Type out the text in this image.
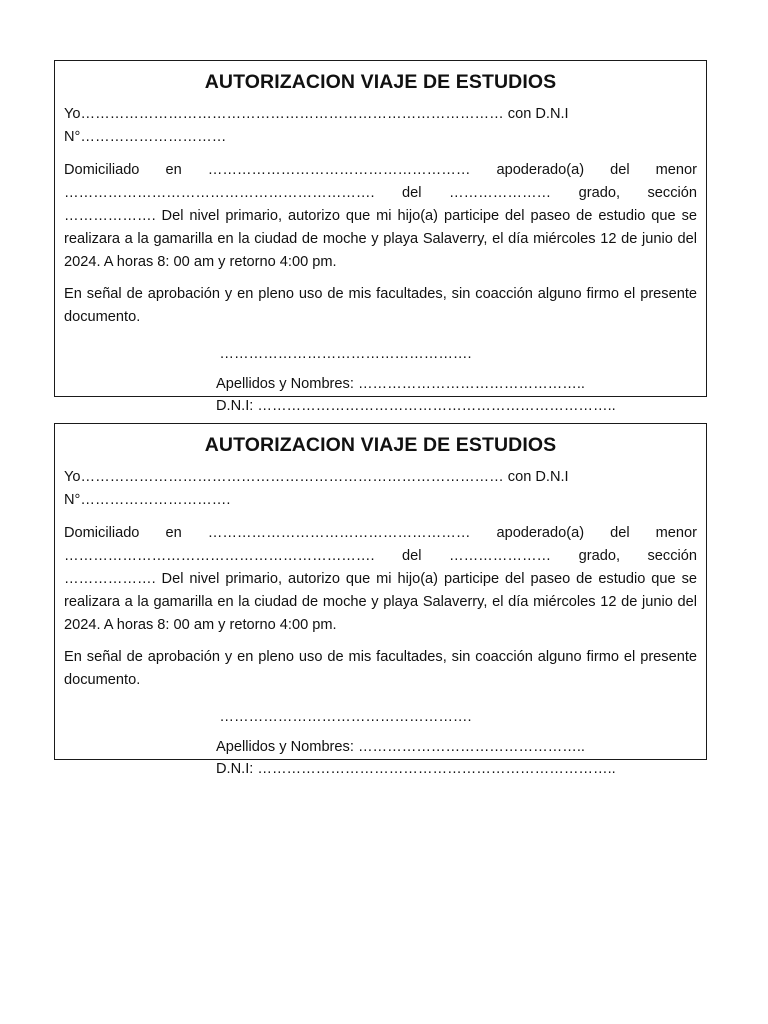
AUTORIZACION VIAJE DE ESTUDIOS
Yo…………………………………………………………………………… con D.N.I N°…………………………
Domiciliado en ……………………………………………… apoderado(a) del menor ………………………………………………………. del ………………… grado, sección ………………. Del nivel primario, autorizo que mi hijo(a) participe del paseo de estudio que se realizara a la gamarilla en la ciudad de moche y playa Salaverry, el día miércoles 12 de junio del 2024. A horas 8: 00 am y retorno 4:00 pm.
En señal de aprobación y en pleno uso de mis facultades, sin coacción alguno firmo el presente documento.
…………………………………………….
Apellidos y Nombres: ………………………………………..
D.N.I: ………………………………………………………………..
AUTORIZACION VIAJE DE ESTUDIOS
Yo…………………………………………………………………………… con D.N.I N°………………………….
Domiciliado en ……………………………………………… apoderado(a) del menor ………………………………………………………. del ………………… grado, sección ………………. Del nivel primario, autorizo que mi hijo(a) participe del paseo de estudio que se realizara a la gamarilla en la ciudad de moche y playa Salaverry, el día miércoles 12 de junio del 2024. A horas 8: 00 am y retorno 4:00 pm.
En señal de aprobación y en pleno uso de mis facultades, sin coacción alguno firmo el presente documento.
…………………………………………….
Apellidos y Nombres: ………………………………………..
D.N.I: ………………………………………………………………..
